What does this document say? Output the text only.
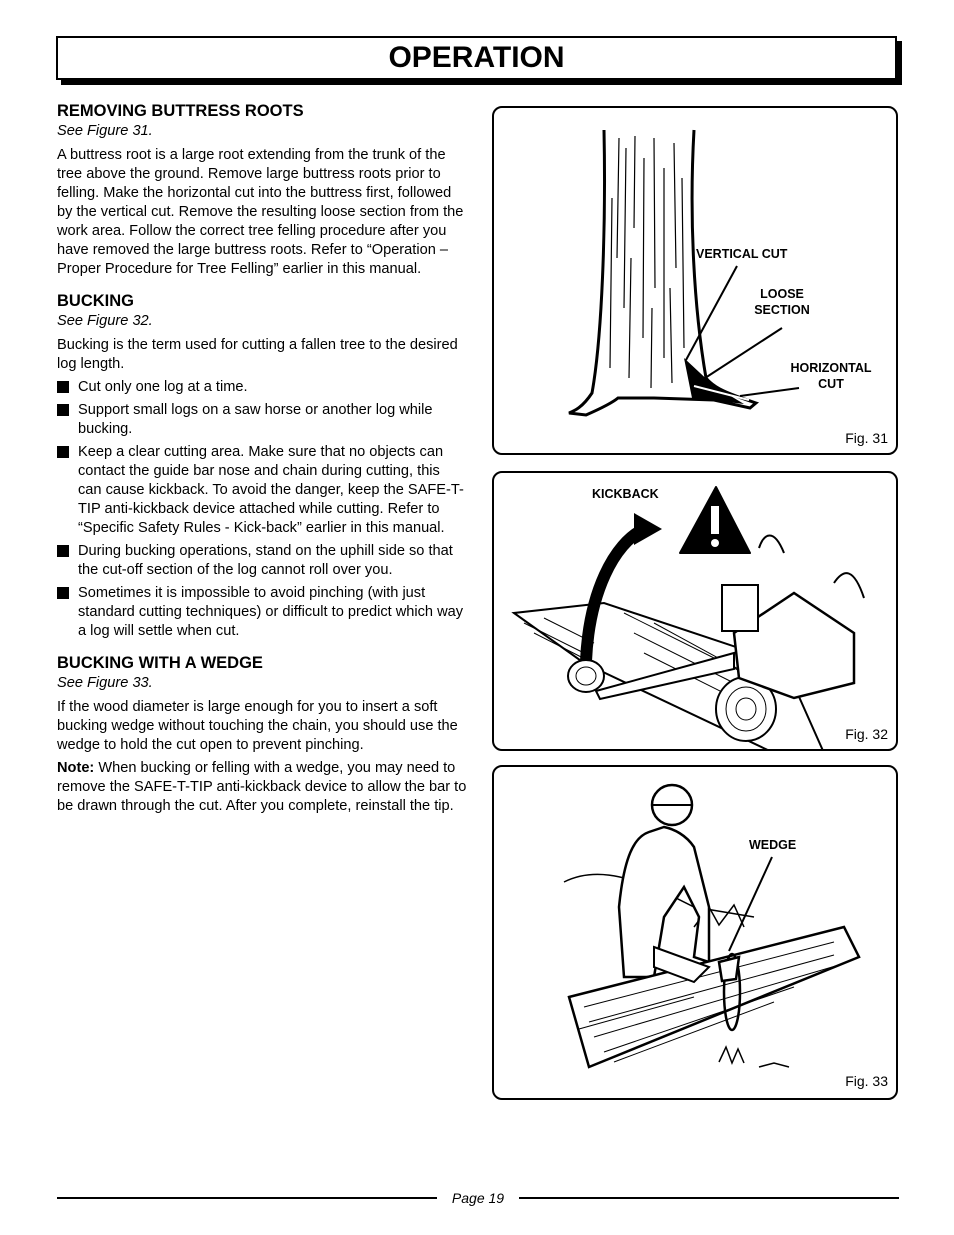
OPERATION
REMOVING BUTTRESS ROOTS
See Figure 31.

A buttress root is a large root extending from the trunk of the tree above the ground. Remove large buttress roots prior to felling. Make the horizontal cut into the buttress first, followed by the vertical cut. Remove the resulting loose section from the work area. Follow the correct tree felling procedure after you have removed the large buttress roots. Refer to “Operation – Proper Procedure for Tree Felling” earlier in this manual.

BUCKING
See Figure 32.

Bucking is the term used for cutting a fallen tree to the desired log length.

Cut only one log at a time.
Support small logs on a saw horse or another log while bucking.
Keep a clear cutting area. Make sure that no objects can contact the guide bar nose and chain during cutting, this can cause kickback. To avoid the danger, keep the SAFE-T-TIP anti-kickback device attached while cutting. Refer to “Specific Safety Rules - Kick-back” earlier in this manual.
During bucking operations, stand on the uphill side so that the cut-off section of the log cannot roll over you.
Sometimes it is impossible to avoid pinching (with just standard cutting techniques) or difficult to predict which way a log will settle when cut.
BUCKING WITH A WEDGE
See Figure 33.

If the wood diameter is large enough for you to insert a soft bucking wedge without touching the chain, you should use the wedge to hold the cut open to prevent pinching.

Note: When bucking or felling with a wedge, you may need to remove the SAFE-T-TIP anti-kickback device to allow the bar to be drawn through the cut. After you complete, reinstall the tip.

VERTICAL CUT
LOOSE SECTION
HORIZONTAL CUT
Fig. 31
KICKBACK
Fig. 32
WEDGE
Fig. 33
Page 19
